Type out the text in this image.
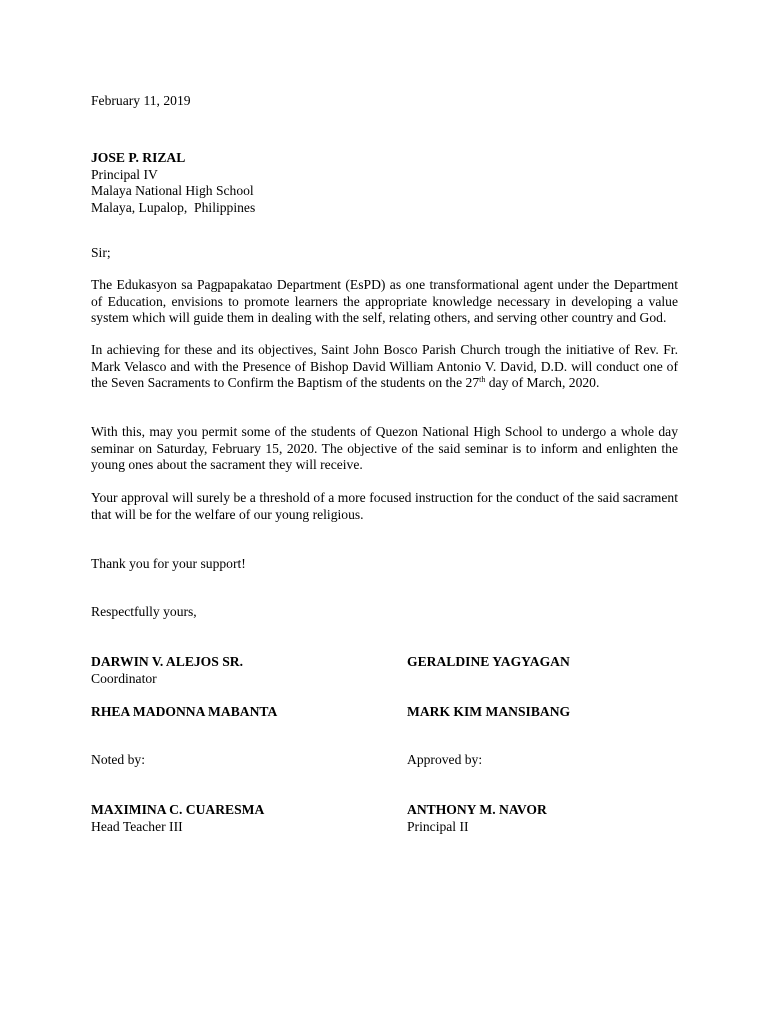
February 11, 2019
JOSE P. RIZAL
Principal IV
Malaya National High School
Malaya, Lupalop,  Philippines
Sir;
The Edukasyon sa Pagpapakatao Department (EsPD) as one transformational agent under the Department of Education, envisions to promote learners the appropriate knowledge necessary in developing a value system which will guide them in dealing with the self, relating others, and serving other country and God.
In achieving for these and its objectives, Saint John Bosco Parish Church trough the initiative of Rev. Fr. Mark Velasco and with the Presence of Bishop David William Antonio V. David, D.D. will conduct one of the Seven Sacraments to Confirm the Baptism of the students on the 27th day of March, 2020.
With this, may you permit some of the students of Quezon National High School to undergo a whole day seminar on Saturday, February 15, 2020. The objective of the said seminar is to inform and enlighten the young ones about the sacrament they will receive.
Your approval will surely be a threshold of a more focused instruction for the conduct of the said sacrament that will be for the welfare of our young religious.
Thank you for your support!
Respectfully yours,
DARWIN V. ALEJOS SR.
Coordinator
GERALDINE YAGYAGAN
RHEA MADONNA MABANTA	MARK KIM MANSIBANG
Noted by:	Approved by:
MAXIMINA C. CUARESMA
Head Teacher III
ANTHONY M. NAVOR
Principal II
